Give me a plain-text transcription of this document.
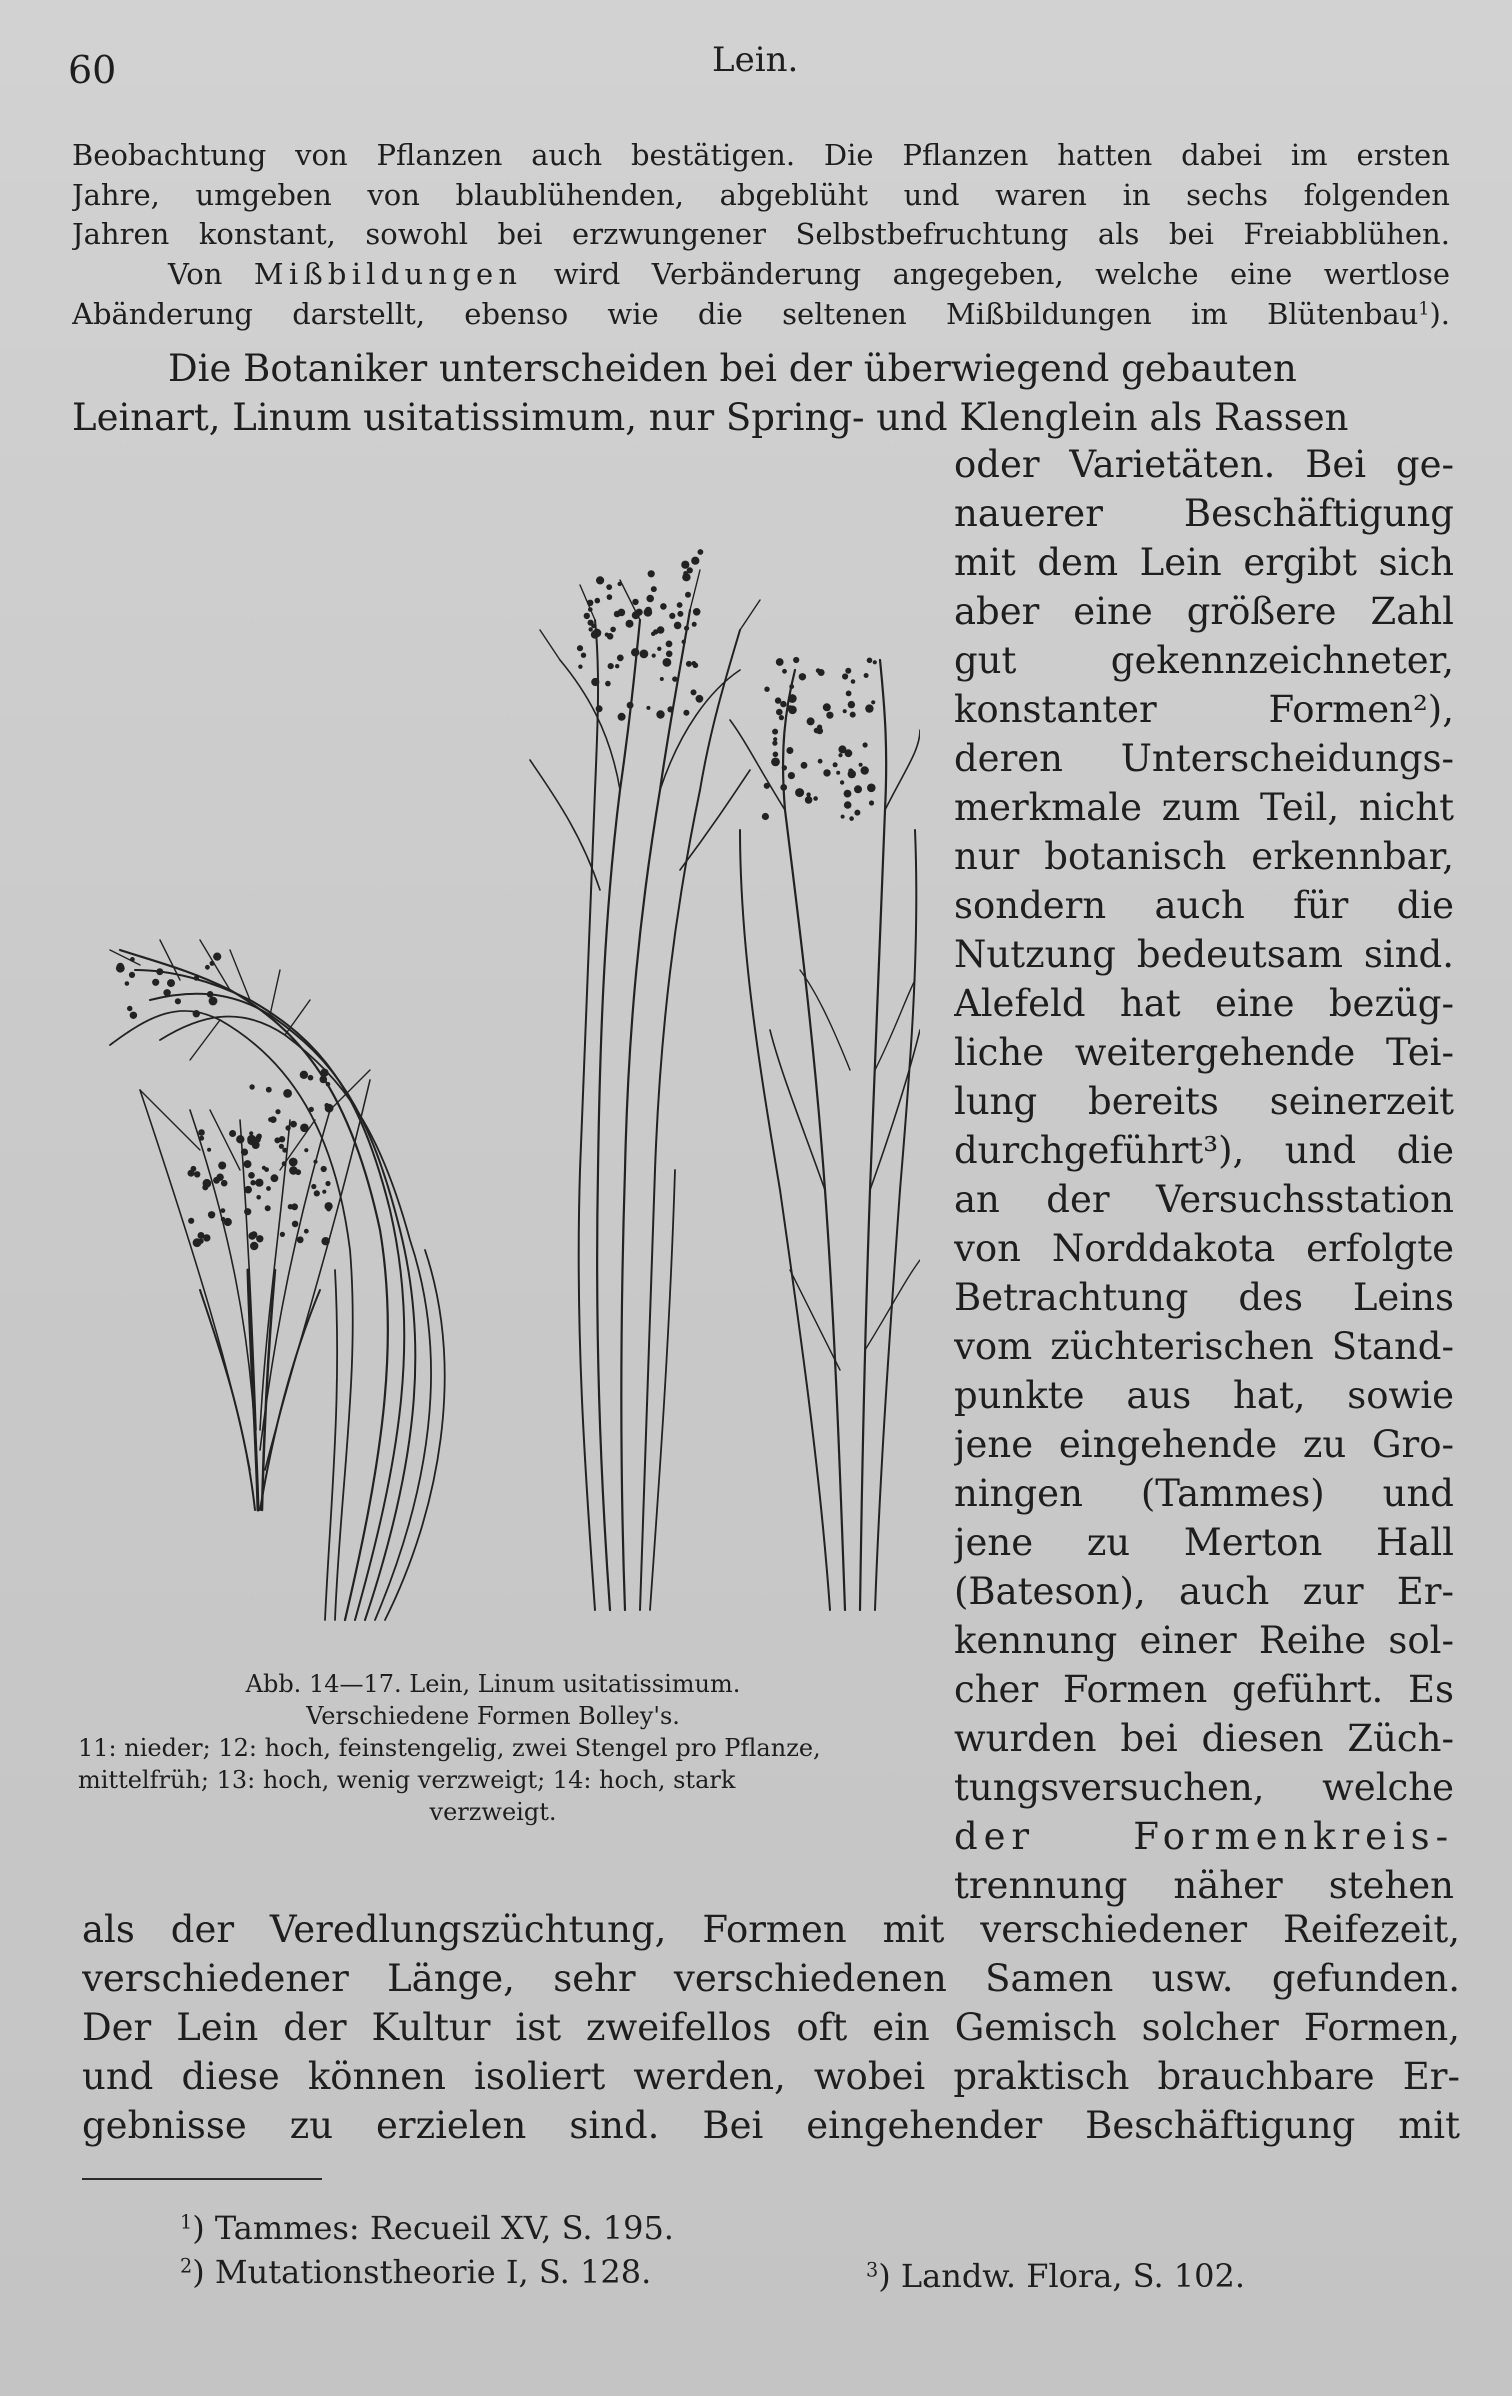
60	Lein.
Beobachtung von Pflanzen auch bestätigen. Die Pflanzen hatten dabei im ersten
Jahre, umgeben von blaublühenden, abgeblüht und waren in sechs folgenden
Jahren konstant, sowohl bei erzwungener Selbstbefruchtung als bei Freiabblühen.
Von Mißbildungen wird Verbänderung angegeben, welche eine wertlose
Abänderung darstellt, ebenso wie die seltenen Mißbildungen im Blütenbau$^1$).
Die Botaniker unterscheiden bei der überwiegend gebauten
Leinart, Linum usitatissimum, nur Spring- und Klenglein als Rassen
oder Varietäten. Bei ge-
nauerer Beschäftigung
mit dem Lein ergibt sich
aber eine größere Zahl
gut	gekennzeichneter,
konstanter	Formen²),
deren Unterscheidungs-
merkmale zum Teil, nicht
nur botanisch erkennbar,
sondern auch für die
Nutzung bedeutsam sind.
Alefeld hat eine bezüg-
liche weitergehende Tei-
lung bereits seinerzeit
durchgeführt³), und die
an der Versuchsstation
von Norddakota erfolgte
Betrachtung des Leins
vom züchterischen Stand-
punkte aus hat, sowie
jene eingehende zu Gro-
ningen (Tammes) und
jene zu Merton Hall
(Bateson), auch zur Er-
kennung einer Reihe sol-
cher Formen geführt. Es
wurden bei diesen Züch-
tungsversuchen, welche
der	Formenkreis-
trennung näher stehen
Abb. 14—17. Lein, Linum usitatissimum.
Verschiedene Formen Bolley's.
11: nieder; 12: hoch, feinstengelig, zwei Stengel pro Pflanze,
mittelfrüh; 13: hoch, wenig verzweigt; 14: hoch, stark
verzweigt.
als der Veredlungszüchtung, Formen mit verschiedener Reifezeit,
verschiedener Länge, sehr verschiedenen Samen usw. gefunden.
Der Lein der Kultur ist zweifellos oft ein Gemisch solcher Formen,
und diese können isoliert werden, wobei praktisch brauchbare Er-
gebnisse zu erzielen sind. Bei eingehender Beschäftigung mit
$^1$) Tammes: Recueil XV, S. 195.
$^2$) Mutationstheorie I, S. 128.	$^3$) Landw. Flora, S. 102.
